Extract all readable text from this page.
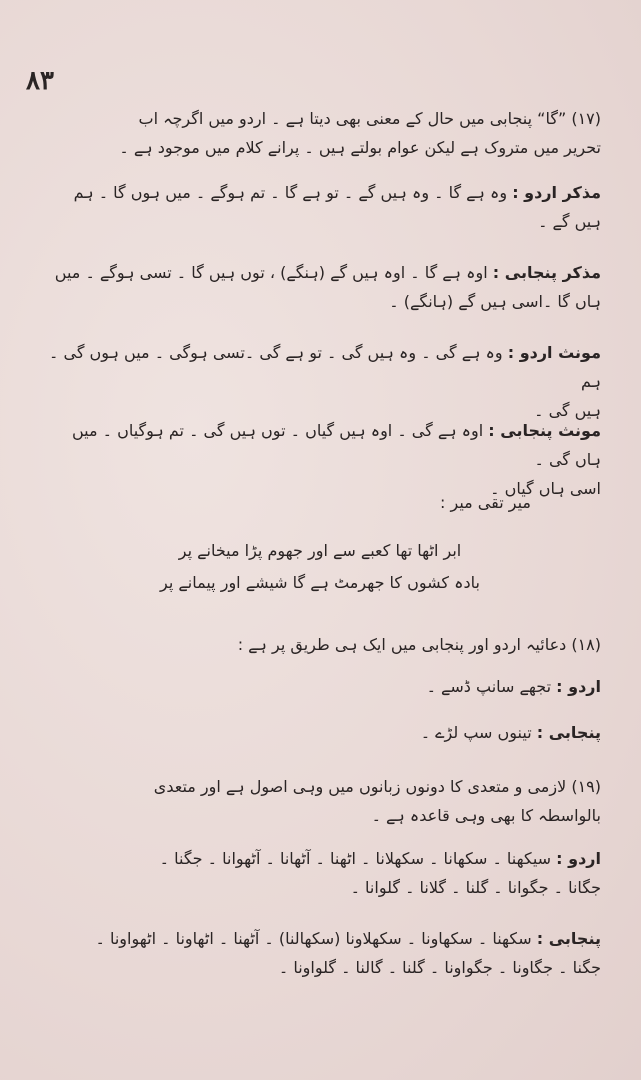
۸۳

(۱۷) ”گا“ پنجابی میں حال کے معنی بھی دیتا ہے ۔ اردو میں اگرچہ اب

تحریر میں متروک ہے لیکن عوام بولتے ہیں ۔ پرانے کلام میں موجود ہے ۔

مذکر اردو : وہ ہے گا ۔ وہ ہیں گے ۔ تو ہے گا ۔ تم ہوگے ۔ میں ہوں گا ۔ ہم

ہیں گے ۔

مذکر پنجابی : اوہ ہے گا ۔ اوہ ہیں گے (ہنگے) ، توں ہیں گا ۔ تسی ہوگے ۔ میں

ہاں گا ۔اسی ہیں گے (ہانگے) ۔

مونث اردو : وہ ہے گی ۔ وہ ہیں گی ۔ تو ہے گی ۔تسی ہوگی ۔ میں ہوں گی ۔ ہم

ہیں گی ۔

مونث پنجابی : اوہ ہے گی ۔ اوہ ہیں گیاں ۔ توں ہیں گی ۔ تم ہوگیاں ۔ میں ہاں گی ۔

اسی ہاں گیاں ۔

میر تقی میر :

ابر اٹھا تھا کعبے سے اور جھوم پڑا میخانے پر

بادہ کشوں کا جھرمٹ ہے گا شیشے اور پیمانے پر

(۱۸) دعائیہ اردو اور پنجابی میں ایک ہی طریق پر ہے :
اردو : تجھے سانپ ڈسے ۔
پنجابی : تینوں سپ لڑے ۔

(۱۹) لازمی و متعدی کا دونوں زبانوں میں وہی اصول ہے اور متعدی

بالواسطہ کا بھی وہی قاعدہ ہے ۔

اردو : سیکھنا ۔ سکھانا ۔ سکھلانا ۔ اٹھنا ۔ آٹھانا ۔ آٹھوانا ۔ جگنا ۔

جگانا ۔ جگوانا ۔ گلنا ۔ گلانا ۔ گلوانا ۔

پنجابی : سکھنا ۔ سکھاونا ۔ سکھلاونا (سکھالنا) ۔ آٹھنا ۔ اٹھاونا ۔ اٹھواونا ۔

جگنا ۔ جگاونا ۔ جگواونا ۔ گلنا ۔ گالنا ۔ گلواونا ۔
